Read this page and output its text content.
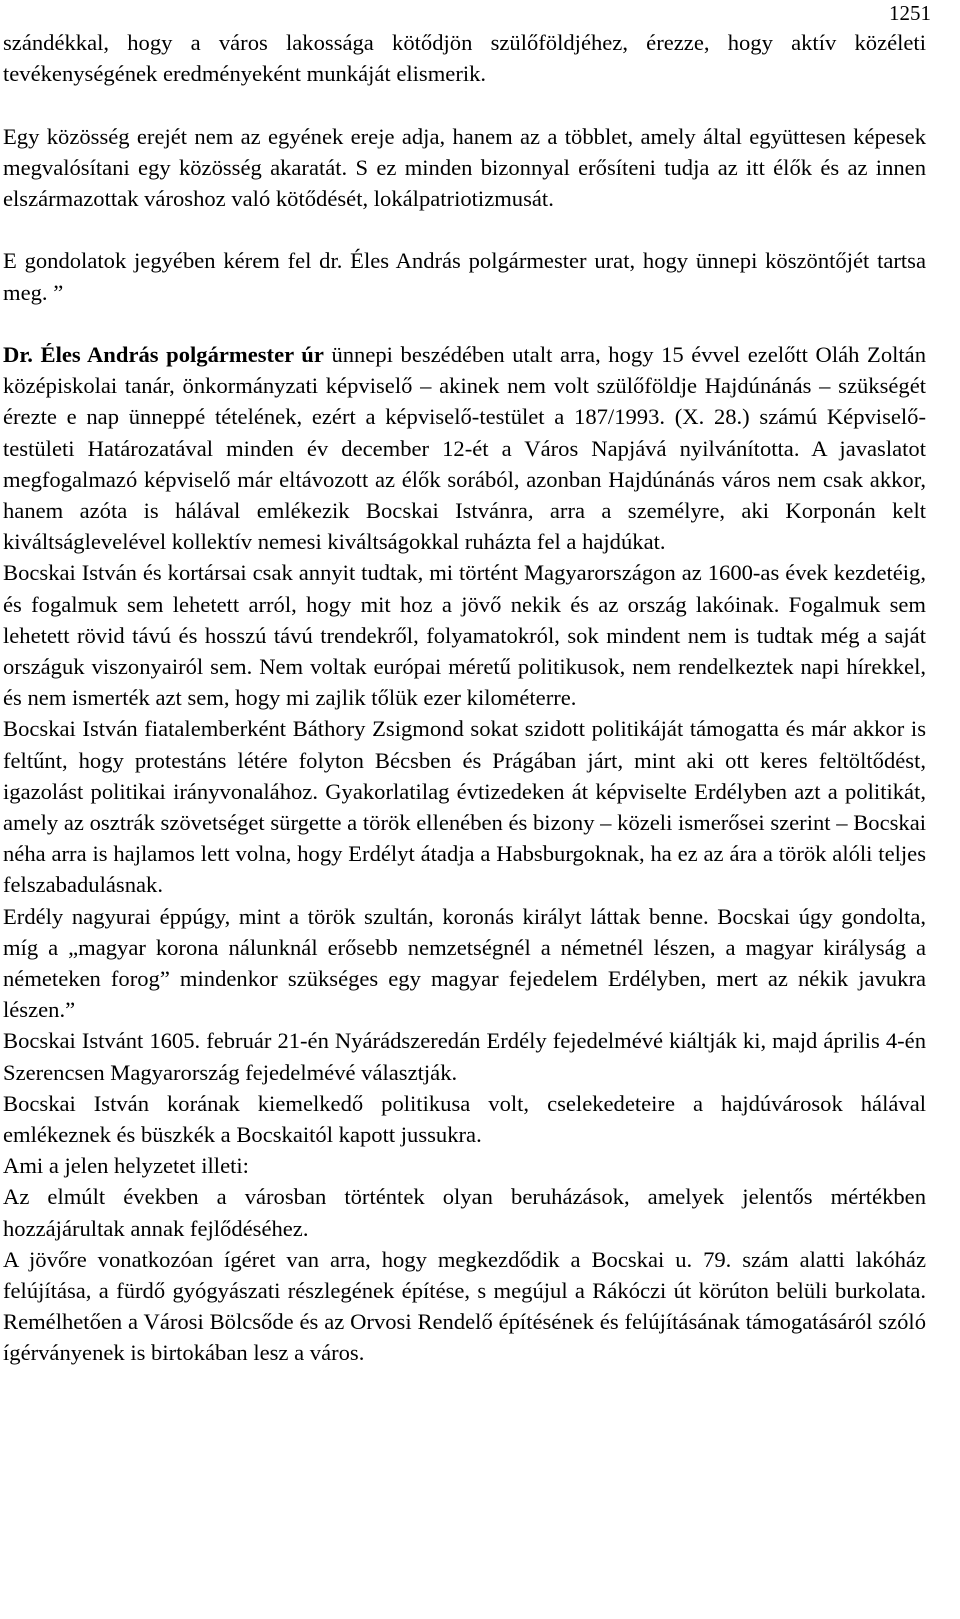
1251

szándékkal, hogy a város lakossága kötődjön szülőföldjéhez, érezze, hogy aktív közéleti tevékenységének eredményeként munkáját elismerik.

Egy közösség erejét nem az egyének ereje adja, hanem az a többlet, amely által együttesen képesek megvalósítani egy közösség akaratát. S ez minden bizonnyal erősíteni tudja az itt élők és az innen elszármazottak városhoz való kötődését, lokálpatriotizmusát.

E gondolatok jegyében kérem fel dr. Éles András polgármester urat, hogy ünnepi köszöntőjét tartsa meg. ”

Dr. Éles András polgármester úr ünnepi beszédében utalt arra, hogy 15 évvel ezelőtt Oláh Zoltán középiskolai tanár, önkormányzati képviselő – akinek nem volt szülőföldje Hajdúnánás – szükségét érezte e nap ünneppé tételének, ezért a képviselő-testület a 187/1993. (X. 28.) számú Képviselő-testületi Határozatával minden év december 12-ét a Város Napjává nyilvánította. A javaslatot megfogalmazó képviselő már eltávozott az élők sorából, azonban Hajdúnánás város nem csak akkor, hanem azóta is hálával emlékezik Bocskai Istvánra, arra a személyre, aki Korponán kelt kiváltságlevelével kollektív nemesi kiváltságokkal ruházta fel a hajdúkat.

Bocskai István és kortársai csak annyit tudtak, mi történt Magyarországon az 1600-as évek kezdetéig, és fogalmuk sem lehetett arról, hogy mit hoz a jövő nekik és az ország lakóinak. Fogalmuk sem lehetett rövid távú és hosszú távú trendekről, folyamatokról, sok mindent nem is tudtak még a saját országuk viszonyairól sem. Nem voltak európai méretű politikusok, nem rendelkeztek napi hírekkel, és nem ismerték azt sem, hogy mi zajlik tőlük ezer kilométerre.

Bocskai István fiatalemberként Báthory Zsigmond sokat szidott politikáját támogatta és már akkor is feltűnt, hogy protestáns létére folyton Bécsben és Prágában járt, mint aki ott keres feltöltődést, igazolást politikai irányvonalához. Gyakorlatilag évtizedeken át képviselte Erdélyben azt a politikát, amely az osztrák szövetséget sürgette a török ellenében és bizony – közeli ismerősei szerint – Bocskai néha arra is hajlamos lett volna, hogy Erdélyt átadja a Habsburgoknak, ha ez az ára a török alóli teljes felszabadulásnak.

Erdély nagyurai éppúgy, mint a török szultán, koronás királyt láttak benne. Bocskai úgy gondolta, míg a „magyar korona nálunknál erősebb nemzetségnél a németnél lészen, a magyar királyság a németeken forog” mindenkor szükséges egy magyar fejedelem Erdélyben, mert az nékik javukra lészen.”

Bocskai Istvánt 1605. február 21-én Nyárádszeredán Erdély fejedelmévé kiáltják ki, majd április 4-én Szerencsen Magyarország fejedelmévé választják.

Bocskai István korának kiemelkedő politikusa volt, cselekedeteire a hajdúvárosok hálával emlékeznek és büszkék a Bocskaitól kapott jussukra.

Ami a jelen helyzetet illeti:

Az elmúlt években a városban történtek olyan beruházások, amelyek jelentős mértékben hozzájárultak annak fejlődéséhez.

A jövőre vonatkozóan ígéret van arra, hogy megkezdődik a Bocskai u. 79. szám alatti lakóház felújítása, a fürdő gyógyászati részlegének építése, s megújul a Rákóczi út körúton belüli burkolata. Remélhetően a Városi Bölcsőde és az Orvosi Rendelő építésének és felújításának támogatásáról szóló ígérványenek is birtokában lesz a város.
